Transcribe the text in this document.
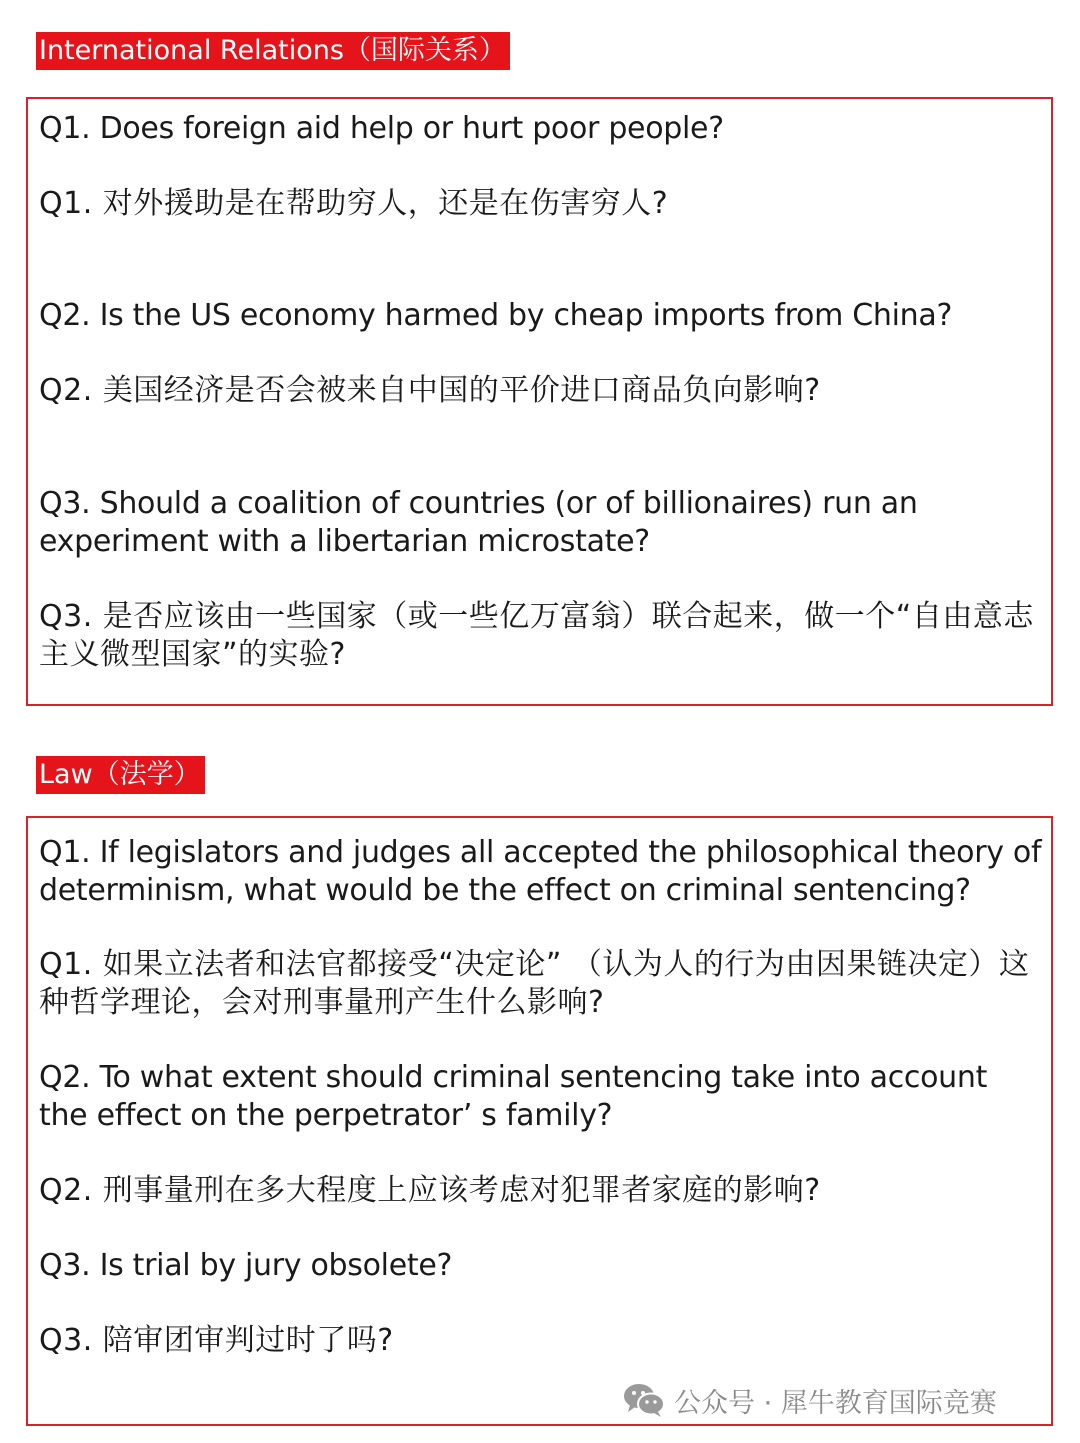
International Relations（国际关系）

Q1. Does foreign aid help or hurt poor people?

Q1. 对外援助是在帮助穷人，还是在伤害穷人?

Q2. Is the US economy harmed by cheap imports from China?

Q2. 美国经济是否会被来自中国的平价进口商品负向影响?

Q3. Should a coalition of countries (or of billionaires) run an experiment with a libertarian microstate?

Q3. 是否应该由一些国家（或一些亿万富翁）联合起来，做一个“自由意志主义微型国家”的实验?

Law（法学）

Q1. If legislators and judges all accepted the philosophical theory of determinism, what would be the effect on criminal sentencing?

Q1. 如果立法者和法官都接受“决定论” （认为人的行为由因果链决定）这种哲学理论，会对刑事量刑产生什么影响?

Q2. To what extent should criminal sentencing take into account the effect on the perpetrator’ s family?

Q2. 刑事量刑在多大程度上应该考虑对犯罪者家庭的影响?

Q3. Is trial by jury obsolete?

Q3. 陪审团审判过时了吗?

公众号 · 犀牛教育国际竞赛
